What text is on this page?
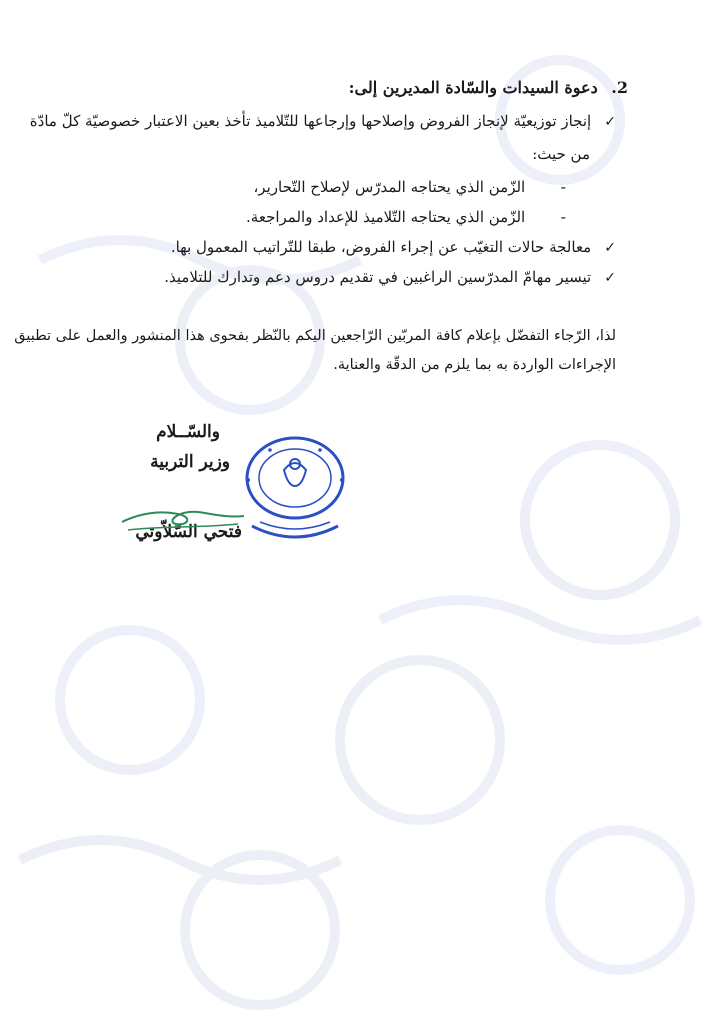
2. دعوة السيدات والسّادة المديرين إلى:
✓ إنجاز توزيعيّة لإنجاز الفروض وإصلاحها وإرجاعها للتّلاميذ تأخذ بعين الاعتبار خصوصيّة كلّ مادّة
من حيث:
- الزّمن الذي يحتاجه المدرّس لإصلاح التّحارير،
- الزّمن الذي يحتاجه التّلاميذ للإعداد والمراجعة.
✓ معالجة حالات التغيّب عن إجراء الفروض، طبقا للتّراتيب المعمول بها.
✓ تيسير مهامّ المدرّسين الراغبين في تقديم دروس دعم وتدارك للتلاميذ.
لذا، الرّجاء التفضّل بإعلام كافة المربّين الرّاجعين اليكم بالنّظر بفحوى هذا المنشور والعمل على تطبيق
الإجراءات الواردة به بما يلزم من الدقّة والعناية.
والسّــلام
وزير التربية
فتحي السّلاّوتي
